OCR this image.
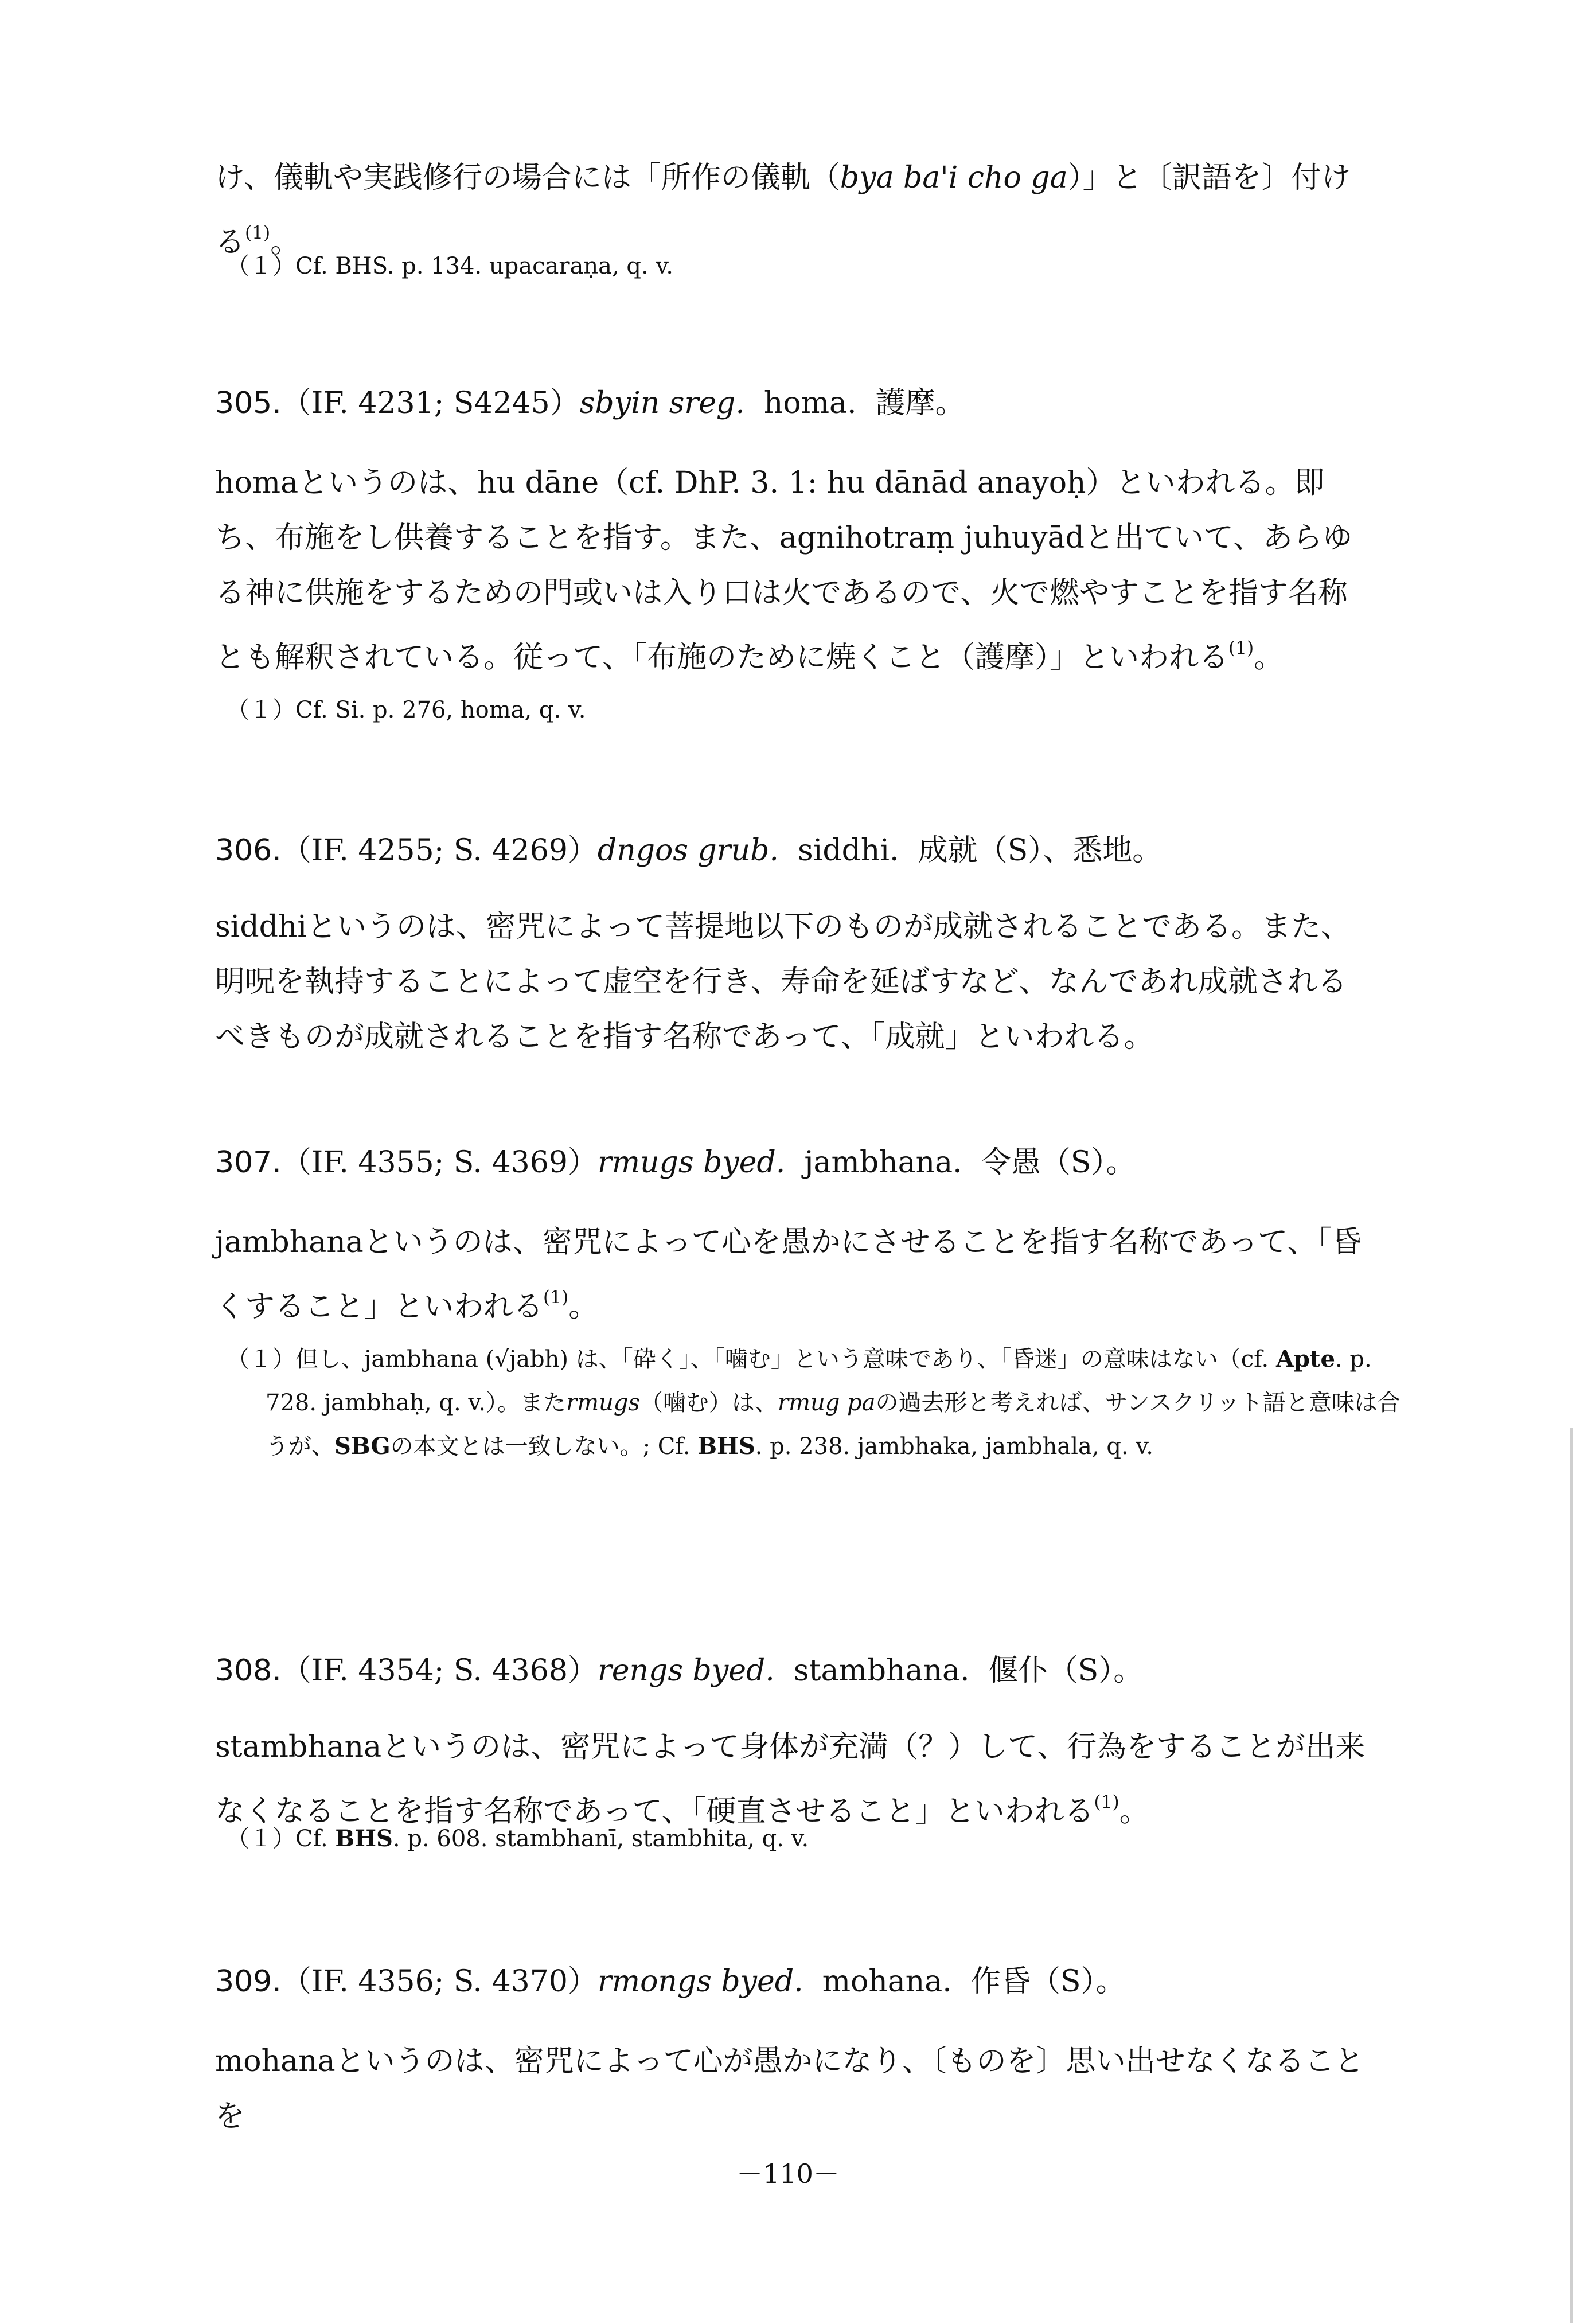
け、儀軌や実践修行の場合には「所作の儀軌（bya ba'i cho ga）」と〔訳語を〕付ける$^{(1)}$。

（１）Cf. BHS. p. 134. upacaraṇa, q. v.

305.（IF. 4231; S4245）sbyin sreg. homa. 護摩。

homaというのは、hu dāne（cf. DhP. 3. 1: hu dānād anayoḥ）といわれる。即ち、布施をし供養することを指す。また、agnihotraṃ juhuyādと出ていて、あらゆる神に供施をするための門或いは入り口は火であるので、火で燃やすことを指す名称とも解釈されている。従って、「布施のために焼くこと（護摩）」といわれる$^{(1)}$。

（１）Cf. Si. p. 276, homa, q. v.

306.（IF. 4255; S. 4269）dngos grub. siddhi. 成就（S）、悉地。

siddhiというのは、密咒によって菩提地以下のものが成就されることである。また、明呪を執持することによって虚空を行き、寿命を延ばすなど、なんであれ成就されるべきものが成就されることを指す名称であって、「成就」といわれる。

307.（IF. 4355; S. 4369）rmugs byed. jambhana. 令愚（S）。

jambhanaというのは、密咒によって心を愚かにさせることを指す名称であって、「昏くすること」といわれる$^{(1)}$。

（１）但し、jambhana (√jabh) は、「砕く」、「噛む」という意味であり、「昏迷」の意味はない（cf. Apte. p. 728. jambhaḥ, q. v.）。またrmugs（噛む）は、rmug paの過去形と考えれば、サンスクリット語と意味は合うが、SBGの本文とは一致しない。; Cf. BHS. p. 238. jambhaka, jambhala, q. v.

308.（IF. 4354; S. 4368）rengs byed. stambhana. 偃仆（S）。

stambhanaというのは、密咒によって身体が充満（？）して、行為をすることが出来なくなることを指す名称であって、「硬直させること」といわれる$^{(1)}$。

（１）Cf. BHS. p. 608. stambhanī, stambhita, q. v.

309.（IF. 4356; S. 4370）rmongs byed. mohana. 作昏（S）。

mohanaというのは、密咒によって心が愚かになり、〔ものを〕思い出せなくなることを

－110－
